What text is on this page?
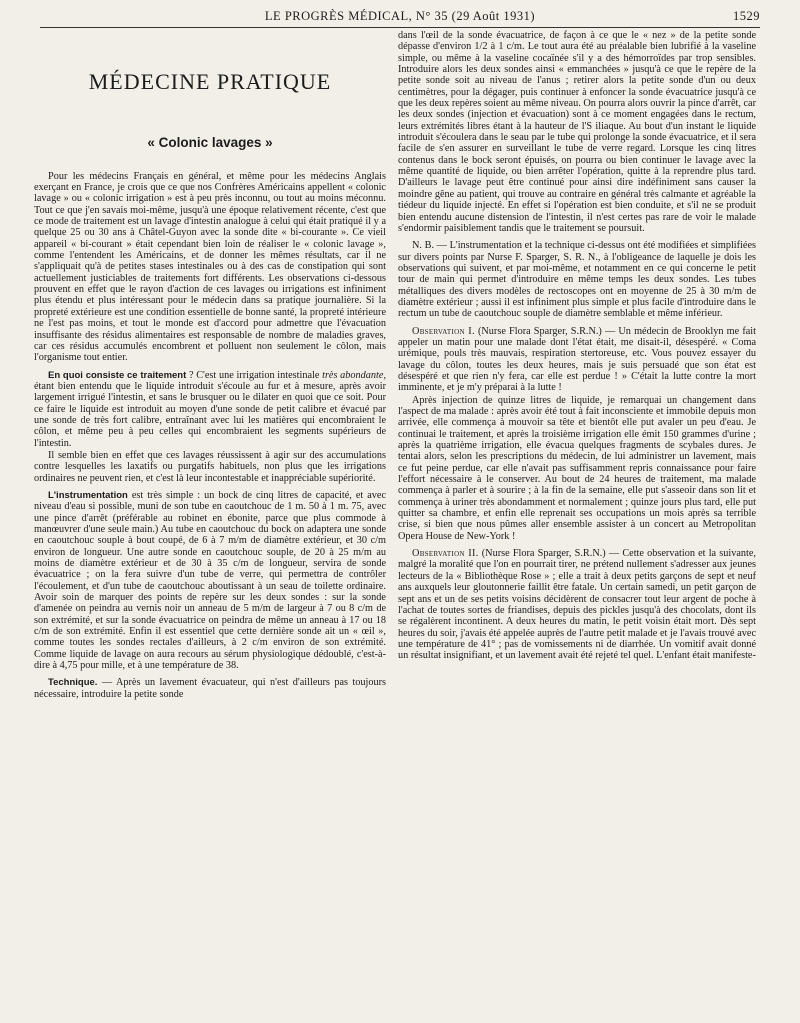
LE PROGRÈS MÉDICAL, N° 35 (29 Août 1931)	1529
MÉDECINE PRATIQUE
« Colonic lavages »

Pour les médecins Français en général, et même pour les médecins Anglais exerçant en France, je crois que ce que nos Confrères Américains appellent « colonic lavage » ou « colonic irrigation » est à peu près inconnu, ou tout au moins méconnu. Tout ce que j'en savais moi-même, jusqu'à une époque relativement récente, c'est que ce mode de traitement est un lavage d'intestin analogue à celui qui était pratiqué il y a quelque 25 ou 30 ans à Châtel-Guyon avec la sonde dite « bi-courante ». Ce vieil appareil « bi-courant » était cependant bien loin de réaliser le « colonic lavage », comme l'entendent les Américains, et de donner les mêmes résultats, car il ne s'appliquait qu'à de petites stases intestinales ou à des cas de constipation qui sont actuellement justiciables de traitements fort différents. Les observations ci-dessous prouvent en effet que le rayon d'action de ces lavages ou irrigations est infiniment plus étendu et plus intéressant pour le médecin dans sa pratique journalière. Si la propreté extérieure est une condition essentielle de bonne santé, la propreté intérieure ne l'est pas moins, et tout le monde est d'accord pour admettre que l'évacuation insuffisante des résidus alimentaires est responsable de nombre de maladies graves, car ces résidus accumulés encombrent et polluent non seulement le côlon, mais l'organisme tout entier.

En quoi consiste ce traitement ? C'est une irrigation intestinale très abondante, étant bien entendu que le liquide introduit s'écoule au fur et à mesure, après avoir largement irrigué l'intestin, et sans le brusquer ou le dilater en quoi que ce soit. Pour ce faire le liquide est introduit au moyen d'une sonde de petit calibre et évacué par une sonde de très fort calibre, entraînant avec lui les matières qui encombraient le côlon, et même peu à peu celles qui encombraient les segments supérieurs de l'intestin.

Il semble bien en effet que ces lavages réussissent à agir sur des accumulations contre lesquelles les laxatifs ou purgatifs habituels, non plus que les irrigations ordinaires ne peuvent rien, et c'est là leur incontestable et inappréciable supériorité.

L'instrumentation est très simple : un bock de cinq litres de capacité, et avec niveau d'eau si possible, muni de son tube en caoutchouc de 1 m. 50 à 1 m. 75, avec une pince d'arrêt (préférable au robinet en ébonite, parce que plus commode à manœuvrer d'une seule main.) Au tube en caoutchouc du bock on adaptera une sonde en caoutchouc souple à bout coupé, de 6 à 7 m/m de diamètre extérieur, et 30 c/m environ de longueur. Une autre sonde en caoutchouc souple, de 20 à 25 m/m au moins de diamètre extérieur et de 30 à 35 c/m de longueur, servira de sonde évacuatrice ; on la fera suivre d'un tube de verre, qui permettra de contrôler l'écoulement, et d'un tube de caoutchouc aboutissant à un seau de toilette ordinaire. Avoir soin de marquer des points de repère sur les deux sondes : sur la sonde d'amenée on peindra au vernis noir un anneau de 5 m/m de largeur à 7 ou 8 c/m de son extrémité, et sur la sonde évacuatrice on peindra de même un anneau à 17 ou 18 c/m de son extrémité. Enfin il est essentiel que cette dernière sonde ait un « œil », comme toutes les sondes rectales d'ailleurs, à 2 c/m environ de son extrémité. Comme liquide de lavage on aura recours au sérum physiologique dédoublé, c'est-à-dire à 4,75 pour mille, et à une température de 38.

Technique. — Après un lavement évacuateur, qui n'est d'ailleurs pas toujours nécessaire, introduire la petite sonde

dans l'œil de la sonde évacuatrice, de façon à ce que le « nez » de la petite sonde dépasse d'environ 1/2 à 1 c/m. Le tout aura été au préalable bien lubrifié à la vaseline simple, ou même à la vaseline cocaïnée s'il y a des hémorroïdes par trop sensibles. Introduire alors les deux sondes ainsi « emmanchées » jusqu'à ce que le repère de la petite sonde soit au niveau de l'anus ; retirer alors la petite sonde d'un ou deux centimètres, pour la dégager, puis continuer à enfoncer la sonde évacuatrice jusqu'à ce que les deux repères soient au même niveau. On pourra alors ouvrir la pince d'arrêt, car les deux sondes (injection et évacuation) sont à ce moment engagées dans le rectum, leurs extrémités libres étant à la hauteur de l'S iliaque. Au bout d'un instant le liquide introduit s'écoulera dans le seau par le tube qui prolonge la sonde évacuatrice, et il sera facile de s'en assurer en surveillant le tube de verre regard. Lorsque les cinq litres contenus dans le bock seront épuisés, on pourra ou bien continuer le lavage avec la même quantité de liquide, ou bien arrêter l'opération, quitte à la reprendre plus tard. D'ailleurs le lavage peut être continué pour ainsi dire indéfiniment sans causer la moindre gêne au patient, qui trouve au contraire en général très calmante et agréable la tiédeur du liquide injecté. En effet si l'opération est bien conduite, et s'il ne se produit bien entendu aucune distension de l'intestin, il n'est certes pas rare de voir le malade s'endormir paisiblement tandis que le traitement se poursuit.

N. B. — L'instrumentation et la technique ci-dessus ont été modifiées et simplifiées sur divers points par Nurse F. Sparger, S. R. N., à l'obligeance de laquelle je dois les observations qui suivent, et par moi-même, et notamment en ce qui concerne le petit tour de main qui permet d'introduire en même temps les deux sondes. Les tubes métalliques des divers modèles de rectoscopes ont en moyenne de 25 à 30 m/m de diamètre extérieur ; aussi il est infiniment plus simple et plus facile d'introduire dans le rectum un tube de caoutchouc souple de diamètre semblable et même inférieur.

Observation I. (Nurse Flora Sparger, S.R.N.) — Un médecin de Brooklyn me fait appeler un matin pour une malade dont l'état était, me disait-il, désespéré. « Coma urémique, pouls très mauvais, respiration stertoreuse, etc. Vous pouvez essayer du lavage du côlon, toutes les deux heures, mais je suis persuadé que son état est désespéré et que rien n'y fera, car elle est perdue ! » C'était la lutte contre la mort imminente, et je m'y préparai à la lutte !

Après injection de quinze litres de liquide, je remarquai un changement dans l'aspect de ma malade : après avoir été tout à fait inconsciente et immobile depuis mon arrivée, elle commença à mouvoir sa tête et bientôt elle put avaler un peu d'eau. Je continuai le traitement, et après la troisième irrigation elle émit 150 grammes d'urine ; après la quatrième irrigation, elle évacua quelques fragments de scybales dures. Je tentai alors, selon les prescriptions du médecin, de lui administrer un lavement, mais ce fut peine perdue, car elle n'avait pas suffisamment repris connaissance pour faire l'effort nécessaire à le conserver. Au bout de 24 heures de traitement, ma malade commença à parler et à sourire ; à la fin de la semaine, elle put s'asseoir dans son lit et commença à uriner très abondamment et normalement ; quinze jours plus tard, elle put quitter sa chambre, et enfin elle reprenait ses occupations un mois après sa terrible crise, si bien que nous pûmes aller ensemble assister à un concert au Metropolitan Opera House de New-York !

Observation II. (Nurse Flora Sparger, S.R.N.) — Cette observation et la suivante, malgré la moralité que l'on en pourrait tirer, ne prétend nullement s'adresser aux jeunes lecteurs de la « Bibliothèque Rose » ; elle a trait à deux petits garçons de sept et neuf ans auxquels leur gloutonnerie faillit être fatale. Un certain samedi, un petit garçon de sept ans et un de ses petits voisins décidèrent de consacrer tout leur argent de poche à l'achat de toutes sortes de friandises, depuis des pickles jusqu'à des chocolats, dont ils se régalèrent incontinent. A deux heures du matin, le petit voisin était mort. Dès sept heures du soir, j'avais été appelée auprès de l'autre petit malade et je l'avais trouvé avec une température de 41° ; pas de vomissements ni de diarrhée. Un vomitif avait donné un résultat insignifiant, et un lavement avait été rejeté tel quel. L'enfant était manifeste-
